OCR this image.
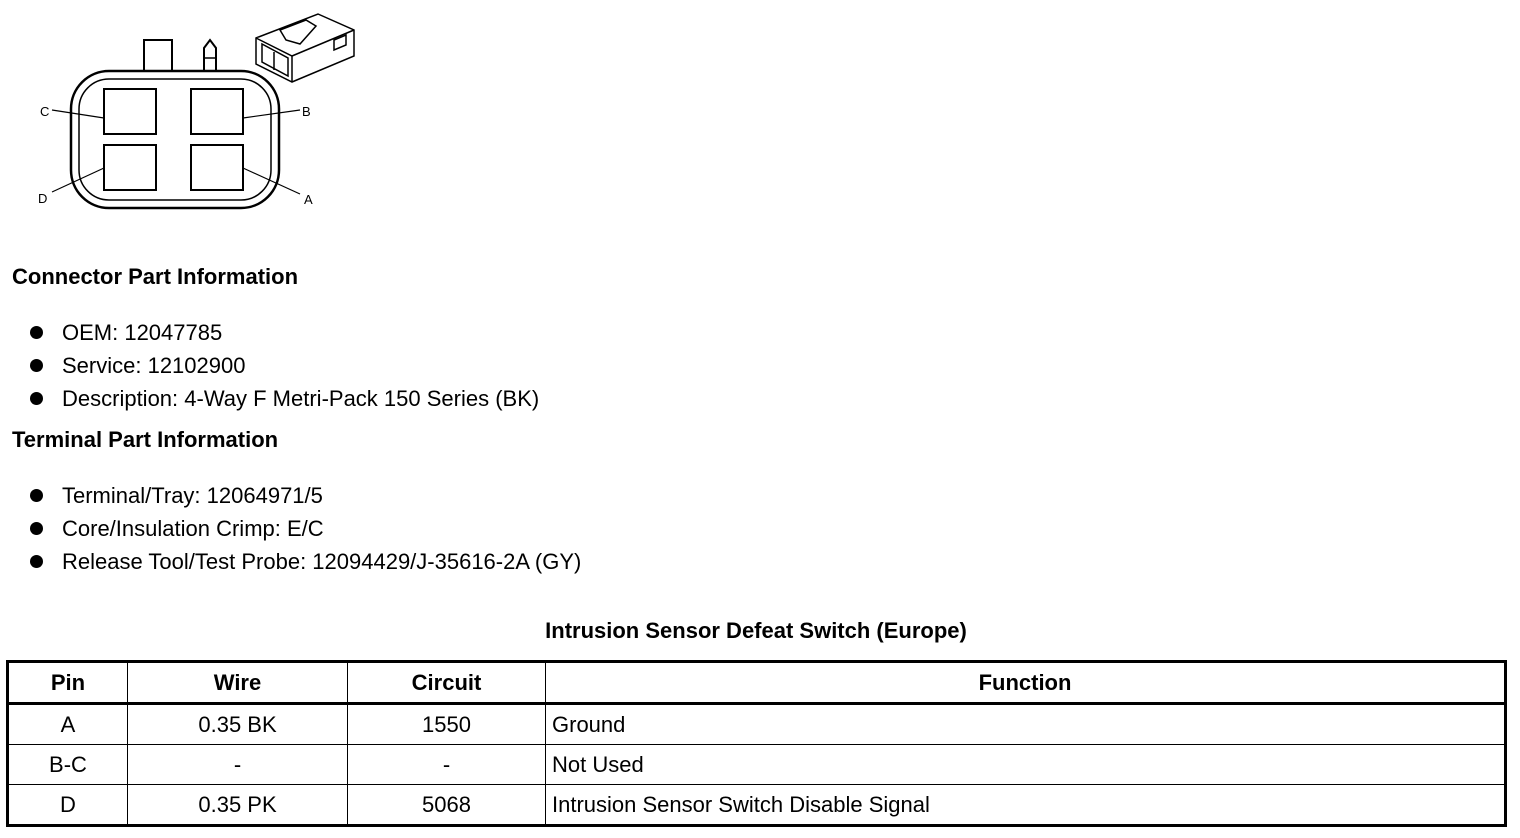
C	B
D	A
Connector Part Information
OEM: 12047785
Service: 12102900
Description: 4-Way F Metri-Pack 150 Series (BK)
Terminal Part Information
Terminal/Tray: 12064971/5
Core/Insulation Crimp: E/C
Release Tool/Test Probe: 12094429/J-35616-2A (GY)
Intrusion Sensor Defeat Switch (Europe)
Pin	Wire	Circuit	Function
A	0.35 BK	1550	Ground
B-C	-	-	Not Used
D	0.35 PK	5068	Intrusion Sensor Switch Disable Signal
